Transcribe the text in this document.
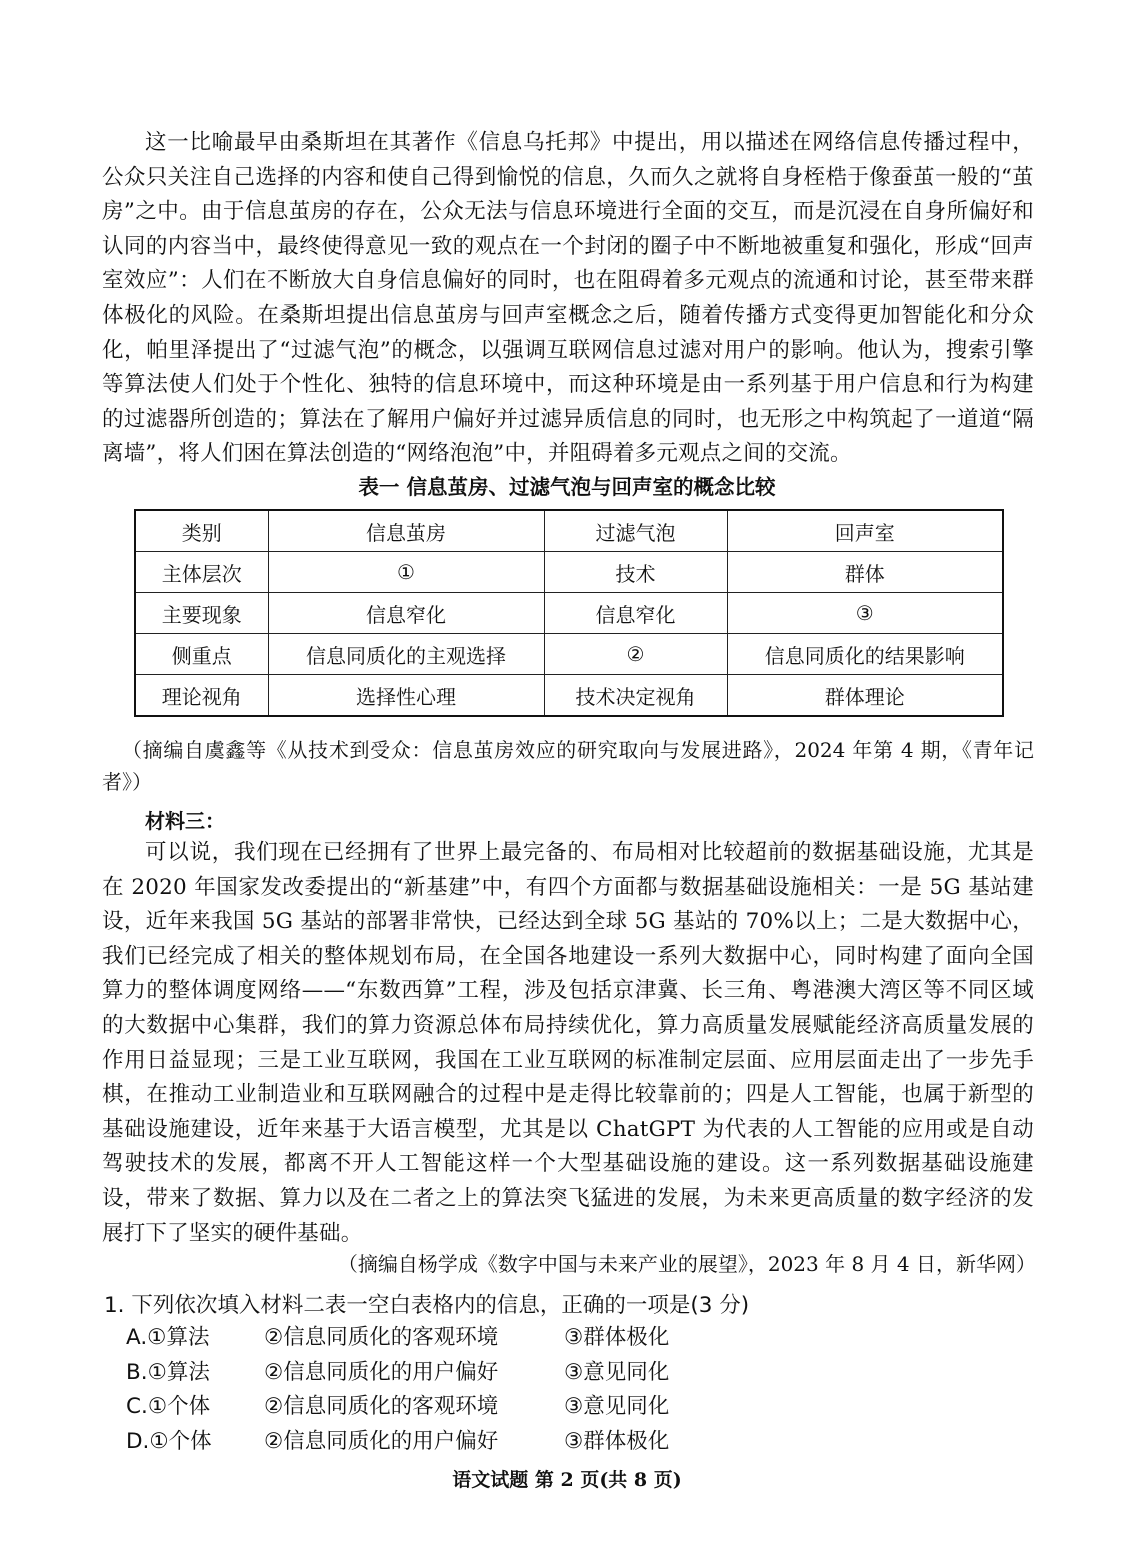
这一比喻最早由桑斯坦在其著作《信息乌托邦》中提出，用以描述在网络信息传播过程中，公众只关注自己选择的内容和使自己得到愉悦的信息，久而久之就将自身桎梏于像蚕茧一般的“茧房”之中。由于信息茧房的存在，公众无法与信息环境进行全面的交互，而是沉浸在自身所偏好和认同的内容当中，最终使得意见一致的观点在一个封闭的圈子中不断地被重复和强化，形成“回声室效应”：人们在不断放大自身信息偏好的同时，也在阻碍着多元观点的流通和讨论，甚至带来群体极化的风险。在桑斯坦提出信息茧房与回声室概念之后，随着传播方式变得更加智能化和分众化，帕里泽提出了“过滤气泡”的概念，以强调互联网信息过滤对用户的影响。他认为，搜索引擎等算法使人们处于个性化、独特的信息环境中，而这种环境是由一系列基于用户信息和行为构建的过滤器所创造的；算法在了解用户偏好并过滤异质信息的同时，也无形之中构筑起了一道道“隔离墙”，将人们困在算法创造的“网络泡泡”中，并阻碍着多元观点之间的交流。

表一 信息茧房、过滤气泡与回声室的概念比较

类别	信息茧房	过滤气泡	回声室
主体层次	①	技术	群体
主要现象	信息窄化	信息窄化	③
侧重点	信息同质化的主观选择	②	信息同质化的结果影响
理论视角	选择性心理	技术决定视角	群体理论

（摘编自虞鑫等《从技术到受众：信息茧房效应的研究取向与发展进路》，2024 年第 4 期，《青年记者》）

材料三：

可以说，我们现在已经拥有了世界上最完备的、布局相对比较超前的数据基础设施，尤其是在 2020 年国家发改委提出的“新基建”中，有四个方面都与数据基础设施相关：一是 5G 基站建设，近年来我国 5G 基站的部署非常快，已经达到全球 5G 基站的 70%以上；二是大数据中心，我们已经完成了相关的整体规划布局，在全国各地建设一系列大数据中心，同时构建了面向全国算力的整体调度网络——“东数西算”工程，涉及包括京津冀、长三角、粤港澳大湾区等不同区域的大数据中心集群，我们的算力资源总体布局持续优化，算力高质量发展赋能经济高质量发展的作用日益显现；三是工业互联网，我国在工业互联网的标准制定层面、应用层面走出了一步先手棋，在推动工业制造业和互联网融合的过程中是走得比较靠前的；四是人工智能，也属于新型的基础设施建设，近年来基于大语言模型，尤其是以 ChatGPT 为代表的人工智能的应用或是自动驾驶技术的发展，都离不开人工智能这样一个大型基础设施的建设。这一系列数据基础设施建设，带来了数据、算力以及在二者之上的算法突飞猛进的发展，为未来更高质量的数字经济的发展打下了坚实的硬件基础。

（摘编自杨学成《数字中国与未来产业的展望》，2023 年 8 月 4 日，新华网）

1. 下列依次填入材料二表一空白表格内的信息，正确的一项是(3 分)

A.①算法	②信息同质化的客观环境	③群体极化
B.①算法	②信息同质化的用户偏好	③意见同化
C.①个体	②信息同质化的客观环境	③意见同化
D.①个体 ②信息同质化的用户偏好	③群体极化

语文试题 第 2 页(共 8 页)
